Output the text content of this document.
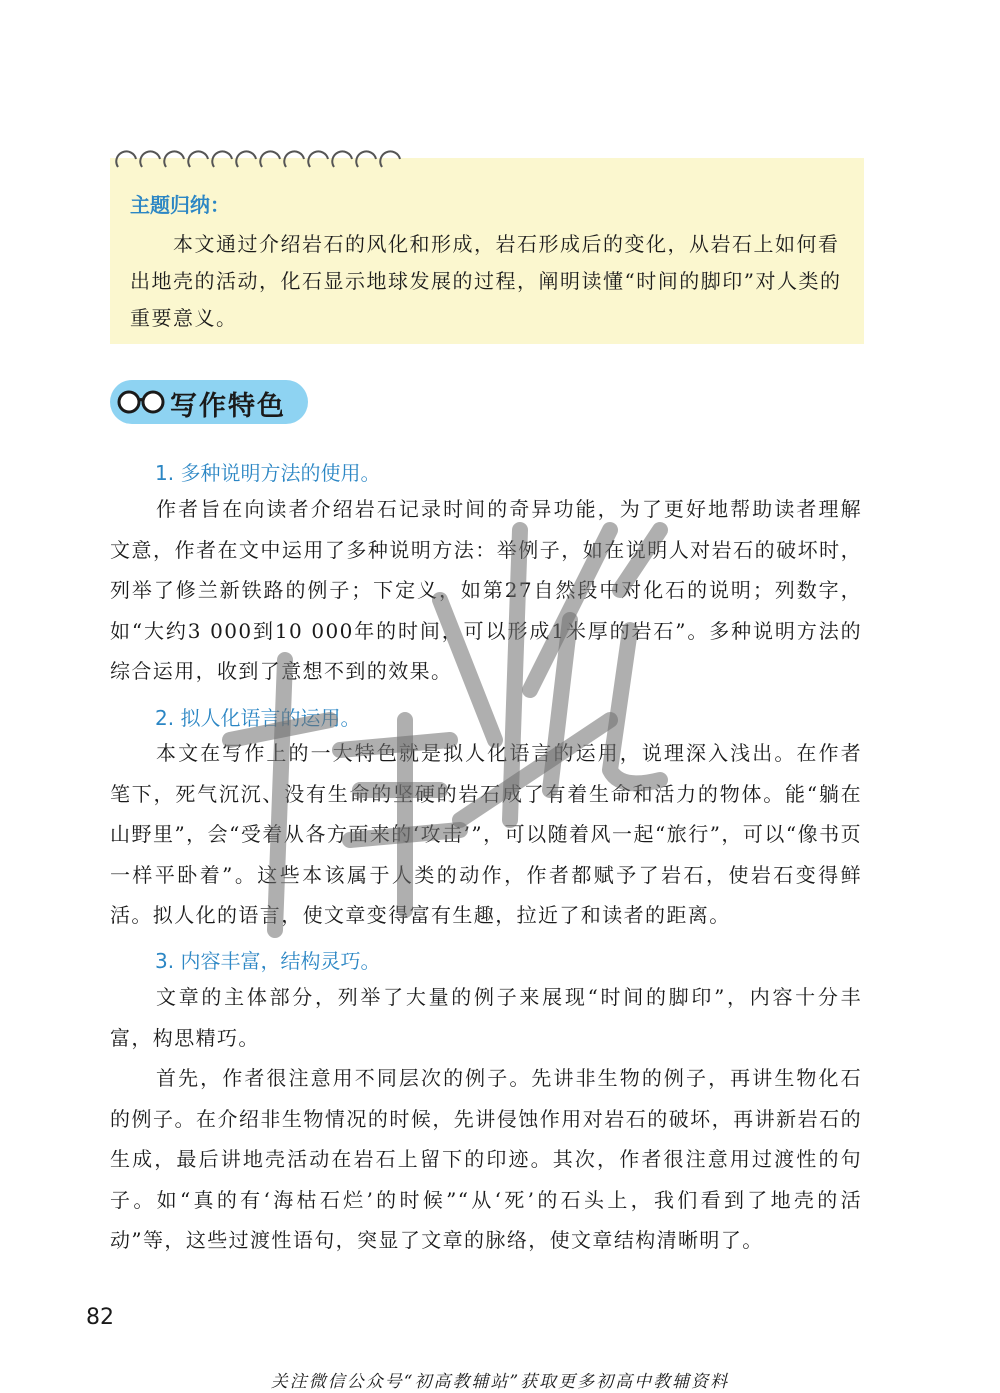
主题归纳：

本文通过介绍岩石的风化和形成，岩石形成后的变化，从岩石上如何看出地壳的活动，化石显示地球发展的过程，阐明读懂“时间的脚印”对人类的重要意义。

写作特色
1. 多种说明方法的使用。

作者旨在向读者介绍岩石记录时间的奇异功能，为了更好地帮助读者理解文意，作者在文中运用了多种说明方法：举例子，如在说明人对岩石的破坏时，列举了修兰新铁路的例子；下定义，如第27自然段中对化石的说明；列数字，如“大约3 000到10 000年的时间，可以形成1米厚的岩石”。多种说明方法的综合运用，收到了意想不到的效果。

2. 拟人化语言的运用。

本文在写作上的一大特色就是拟人化语言的运用，说理深入浅出。在作者笔下，死气沉沉、没有生命的坚硬的岩石成了有着生命和活力的物体。能“躺在山野里”，会“受着从各方面来的‘攻击’”，可以随着风一起“旅行”，可以“像书页一样平卧着”。这些本该属于人类的动作，作者都赋予了岩石，使岩石变得鲜活。拟人化的语言，使文章变得富有生趣，拉近了和读者的距离。

3. 内容丰富，结构灵巧。

文章的主体部分，列举了大量的例子来展现“时间的脚印”，内容十分丰富，构思精巧。

首先，作者很注意用不同层次的例子。先讲非生物的例子，再讲生物化石的例子。在介绍非生物情况的时候，先讲侵蚀作用对岩石的破坏，再讲新岩石的生成，最后讲地壳活动在岩石上留下的印迹。其次，作者很注意用过渡性的句子。如“真的有‘海枯石烂’的时候”“从‘死’的石头上，我们看到了地壳的活动”等，这些过渡性语句，突显了文章的脉络，使文章结构清晰明了。

82
关注微信公众号“初高教辅站”获取更多初高中教辅资料
